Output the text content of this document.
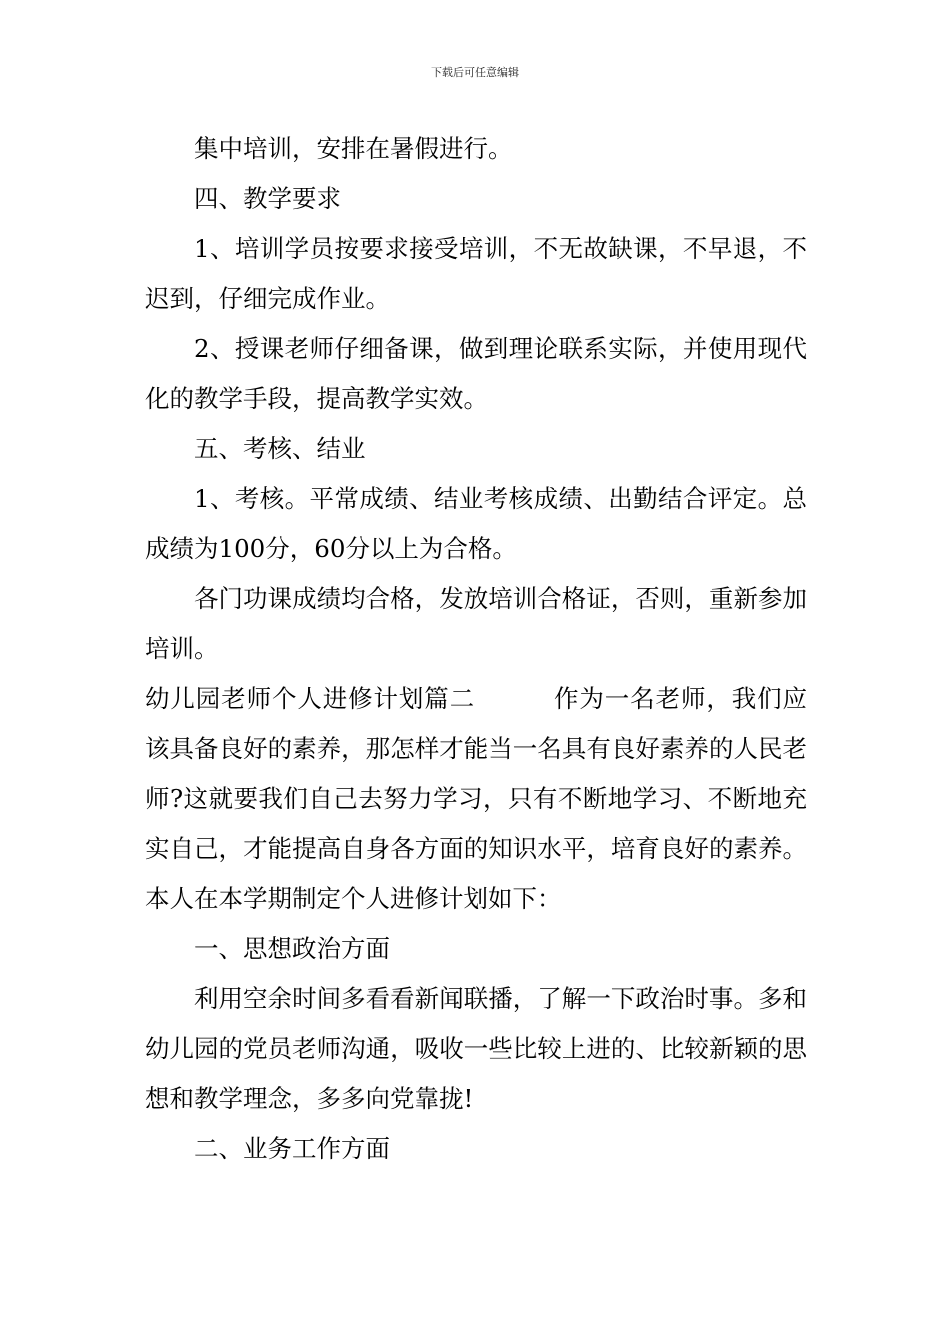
下载后可任意编辑

集中培训，安排在暑假进行。

四、教学要求

1、培训学员按要求接受培训，不无故缺课，不早退，不迟到，仔细完成作业。

2、授课老师仔细备课，做到理论联系实际，并使用现代化的教学手段，提高教学实效。

五、考核、结业

1、考核。平常成绩、结业考核成绩、出勤结合评定。总成绩为100分，60分以上为合格。

各门功课成绩均合格，发放培训合格证，否则，重新参加培训。

幼儿园老师个人进修计划篇二	作为一名老师，我们应该具备良好的素养，那怎样才能当一名具有良好素养的人民老师?这就要我们自己去努力学习，只有不断地学习、不断地充实自己，才能提高自身各方面的知识水平，培育良好的素养。本人在本学期制定个人进修计划如下：

一、思想政治方面

利用空余时间多看看新闻联播，了解一下政治时事。多和幼儿园的党员老师沟通，吸收一些比较上进的、比较新颖的思想和教学理念，多多向党靠拢!

二、业务工作方面
